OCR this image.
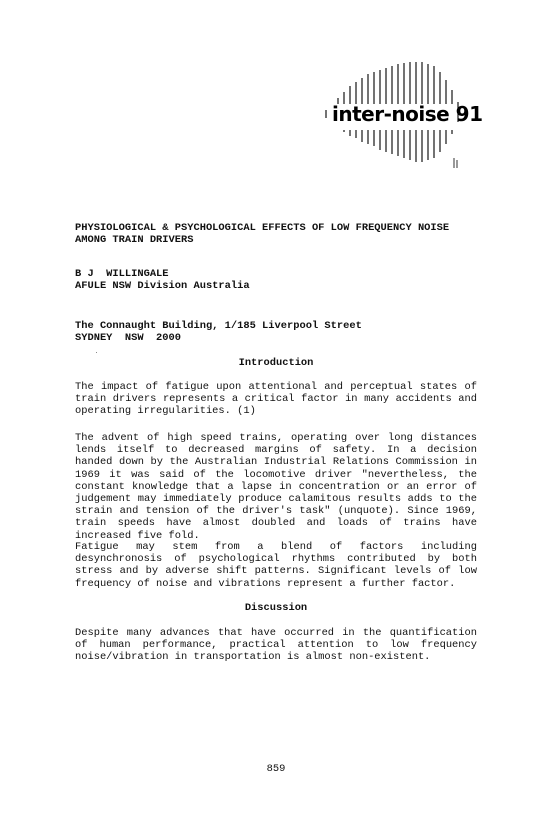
inter-noise 91
PHYSIOLOGICAL & PSYCHOLOGICAL EFFECTS OF LOW FREQUENCY NOISE AMONG TRAIN DRIVERS
B J  WILLINGALE
AFULE NSW Division Australia
The Connaught Building, 1/185 Liverpool Street
SYDNEY  NSW  2000
Introduction
The impact of fatigue upon attentional and perceptual states of train drivers represents a critical factor in many accidents and operating irregularities. (1)
The advent of high speed trains, operating over long distances lends itself to decreased margins of safety. In a decision handed down by the Australian Industrial Relations Commission in 1969 it was said of the locomotive driver "nevertheless, the constant knowledge that a lapse in concentration or an error of judgement may immediately produce calamitous results adds to the strain and tension of the driver's task" (unquote). Since 1969, train speeds have almost doubled and loads of trains have increased five fold.
Fatigue may stem from a blend of factors including desynchronosis of psychological rhythms contributed by both stress and by adverse shift patterns. Significant levels of low frequency of noise and vibrations represent a further factor.
Discussion
Despite many advances that have occurred in the quantification of human performance, practical attention to low frequency noise/vibration in transportation is almost non-existent.
859
